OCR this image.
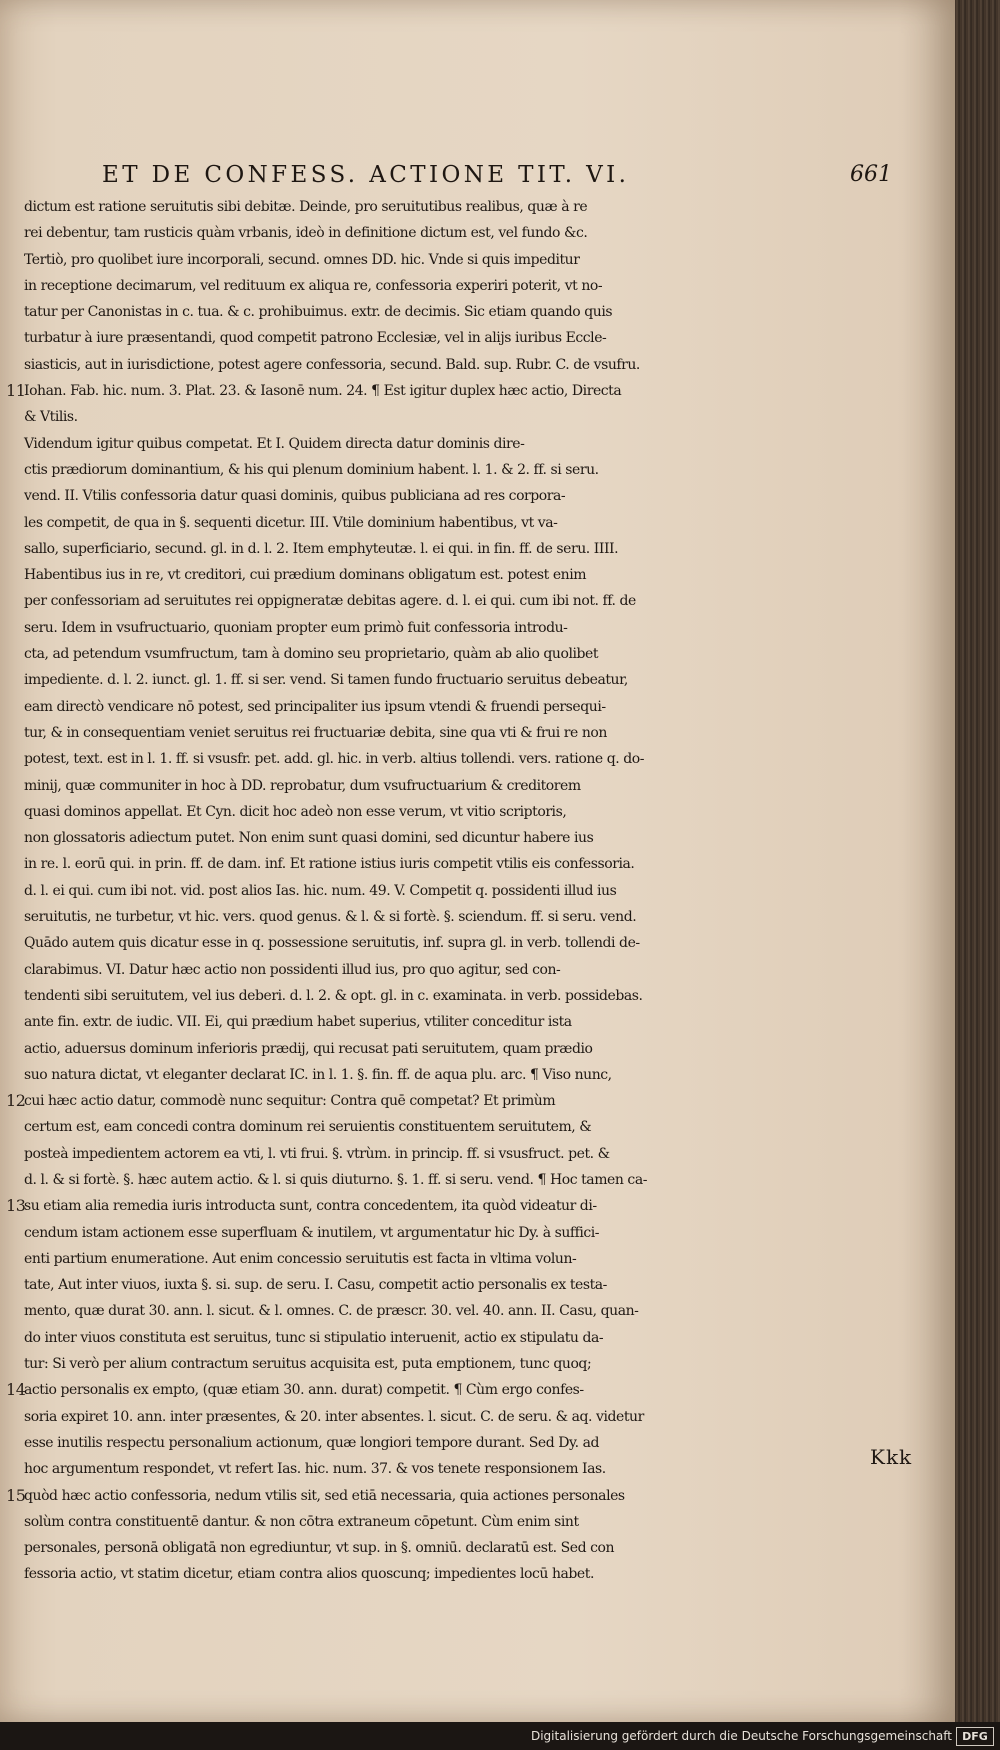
ET DE CONFESS. ACTIONE TIT. VI.	661
dictum est ratione seruitutis sibi debitæ. Deinde, pro seruitutibus realibus, quæ à re
rei debentur, tam rusticis quàm vrbanis, ideò in definitione dictum est, vel fundo &c.
Tertiò, pro quolibet iure incorporali, secund. omnes DD. hic. Vnde si quis impeditur
in receptione decimarum, vel redituum ex aliqua re, confessoria experiri poterit, vt no-
tatur per Canonistas in c. tua. & c. prohibuimus. extr. de decimis. Sic etiam quando quis
turbatur à iure præsentandi, quod competit patrono Ecclesiæ, vel in alijs iuribus Eccle-
siasticis, aut in iurisdictione, potest agere confessoria, secund. Bald. sup. Rubr. C. de vsufru.
Iohan. Fab. hic. num. 3. Plat. 23. & Iasonē num. 24. ¶ Est igitur duplex hæc actio, Directa
11
& Vtilis.
Videndum igitur quibus competat. Et I. Quidem directa datur dominis dire-
ctis prædiorum dominantium, & his qui plenum dominium habent. l. 1. & 2. ff. si seru.
vend. II. Vtilis confessoria datur quasi dominis, quibus publiciana ad res corpora-
les competit, de qua in §. sequenti dicetur. III. Vtile dominium habentibus, vt va-
sallo, superficiario, secund. gl. in d. l. 2. Item emphyteutæ. l. ei qui. in fin. ff. de seru. IIII.
Habentibus ius in re, vt creditori, cui prædium dominans obligatum est. potest enim
per confessoriam ad seruitutes rei oppigneratæ debitas agere. d. l. ei qui. cum ibi not. ff. de
seru. Idem in vsufructuario, quoniam propter eum primò fuit confessoria introdu-
cta, ad petendum vsumfructum, tam à domino seu proprietario, quàm ab alio quolibet
impediente. d. l. 2. iunct. gl. 1. ff. si ser. vend. Si tamen fundo fructuario seruitus debeatur,
eam directò vendicare nō potest, sed principaliter ius ipsum vtendi & fruendi persequi-
tur, & in consequentiam veniet seruitus rei fructuariæ debita, sine qua vti & frui re non
potest, text. est in l. 1. ff. si vsusfr. pet. add. gl. hic. in verb. altius tollendi. vers. ratione q. do-
minij, quæ communiter in hoc à DD. reprobatur, dum vsufructuarium & creditorem
quasi dominos appellat. Et Cyn. dicit hoc adeò non esse verum, vt vitio scriptoris,
non glossatoris adiectum putet. Non enim sunt quasi domini, sed dicuntur habere ius
in re. l. eorū qui. in prin. ff. de dam. inf. Et ratione istius iuris competit vtilis eis confessoria.
d. l. ei qui. cum ibi not. vid. post alios Ias. hic. num. 49. V. Competit q. possidenti illud ius
seruitutis, ne turbetur, vt hic. vers. quod genus. & l. & si fortè. §. sciendum. ff. si seru. vend.
Quādo autem quis dicatur esse in q. possessione seruitutis, inf. supra gl. in verb. tollendi de-
clarabimus. VI. Datur hæc actio non possidenti illud ius, pro quo agitur, sed con-
tendenti sibi seruitutem, vel ius deberi. d. l. 2. & opt. gl. in c. examinata. in verb. possidebas.
ante fin. extr. de iudic. VII. Ei, qui prædium habet superius, vtiliter conceditur ista
actio, aduersus dominum inferioris prædij, qui recusat pati seruitutem, quam prædio
suo natura dictat, vt eleganter declarat IC. in l. 1. §. fin. ff. de aqua plu. arc. ¶ Viso nunc,
cui hæc actio datur, commodè nunc sequitur: Contra quē competat? Et primùm
12
certum est, eam concedi contra dominum rei seruientis constituentem seruitutem, &
posteà impedientem actorem ea vti, l. vti frui. §. vtrùm. in princip. ff. si vsusfruct. pet. &
d. l. & si fortè. §. hæc autem actio. & l. si quis diuturno. §. 1. ff. si seru. vend. ¶ Hoc tamen ca-
su etiam alia remedia iuris introducta sunt, contra concedentem, ita quòd videatur di-
13
cendum istam actionem esse superfluam & inutilem, vt argumentatur hic Dy. à suffici-
enti partium enumeratione. Aut enim concessio seruitutis est facta in vltima volun-
tate, Aut inter viuos, iuxta §. si. sup. de seru. I. Casu, competit actio personalis ex testa-
mento, quæ durat 30. ann. l. sicut. & l. omnes. C. de præscr. 30. vel. 40. ann. II. Casu, quan-
do inter viuos constituta est seruitus, tunc si stipulatio interuenit, actio ex stipulatu da-
tur: Si verò per alium contractum seruitus acquisita est, puta emptionem, tunc quoq;
actio personalis ex empto, (quæ etiam 30. ann. durat) competit. ¶ Cùm ergo confes-
14
soria expiret 10. ann. inter præsentes, & 20. inter absentes. l. sicut. C. de seru. & aq. videtur
esse inutilis respectu personalium actionum, quæ longiori tempore durant. Sed Dy. ad
hoc argumentum respondet, vt refert Ias. hic. num. 37. & vos tenete responsionem Ias.
quòd hæc actio confessoria, nedum vtilis sit, sed etiā necessaria, quia actiones personales
15
solùm contra constituentē dantur. & non cōtra extraneum cōpetunt. Cùm enim sint
personales, personā obligatā non egrediuntur, vt sup. in §. omniū. declaratū est. Sed con
fessoria actio, vt statim dicetur, etiam contra alios quoscunq; impedientes locū habet.
Kkk
Digitalisierung gefördert durch die Deutsche Forschungsgemeinschaft DFG
